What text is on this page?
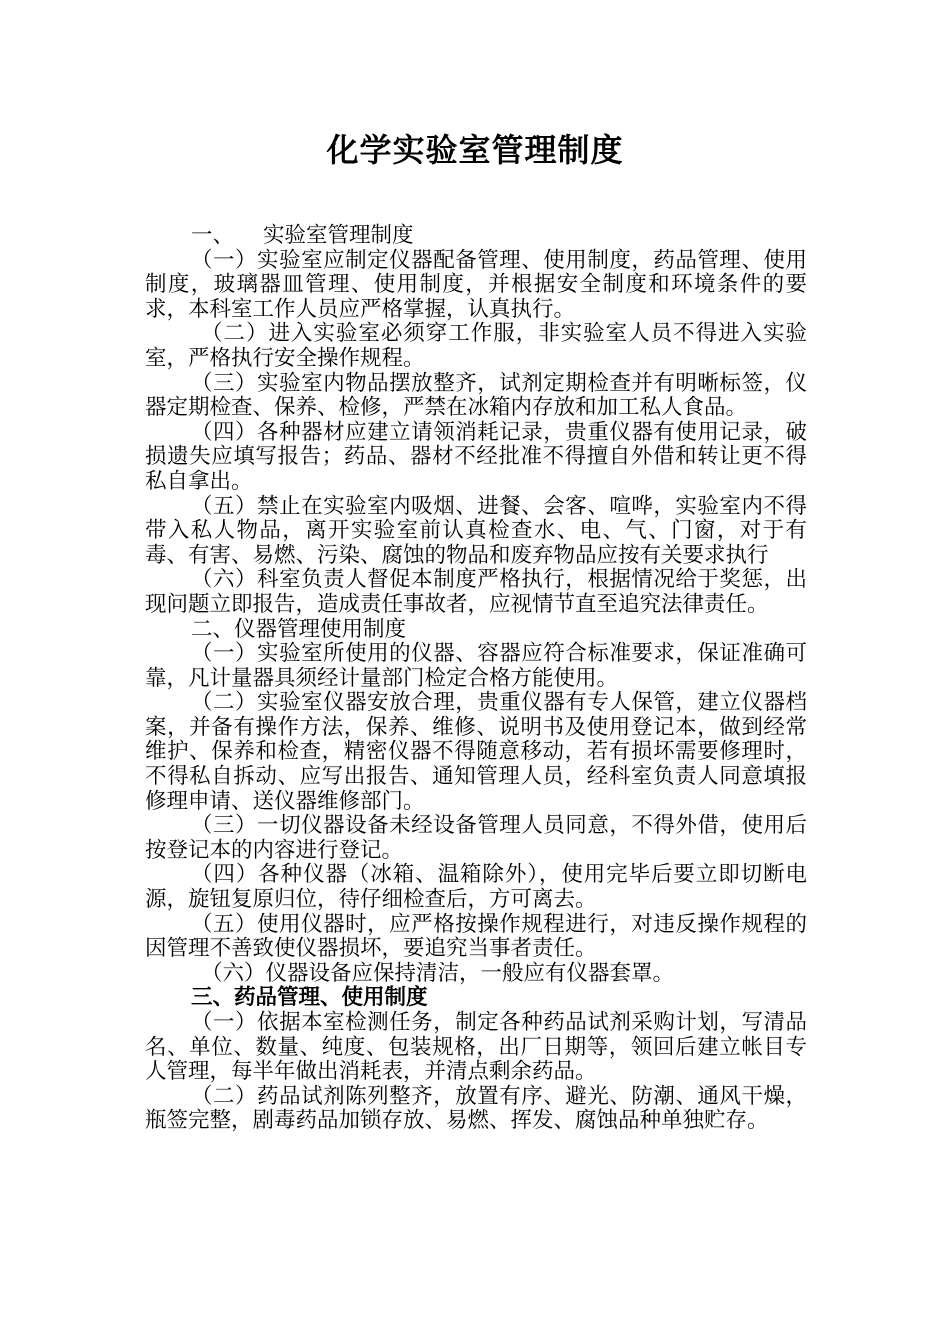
化学实验室管理制度
一、 实验室管理制度

（一）实验室应制定仪器配备管理、使用制度，药品管理、使用制度，玻璃器皿管理、使用制度，并根据安全制度和环境条件的要求，本科室工作人员应严格掌握，认真执行。

（二）进入实验室必须穿工作服，非实验室人员不得进入实验室，严格执行安全操作规程。

（三）实验室内物品摆放整齐，试剂定期检查并有明晰标签，仪器定期检查、保养、检修，严禁在冰箱内存放和加工私人食品。

（四）各种器材应建立请领消耗记录，贵重仪器有使用记录，破损遗失应填写报告；药品、器材不经批准不得擅自外借和转让更不得私自拿出。

（五）禁止在实验室内吸烟、进餐、会客、喧哗，实验室内不得带入私人物品，离开实验室前认真检查水、电、气、门窗，对于有毒、有害、易燃、污染、腐蚀的物品和废弃物品应按有关要求执行

（六）科室负责人督促本制度严格执行，根据情况给于奖惩，出现问题立即报告，造成责任事故者，应视情节直至追究法律责任。

二、仪器管理使用制度

（一）实验室所使用的仪器、容器应符合标准要求，保证准确可靠，凡计量器具须经计量部门检定合格方能使用。

（二）实验室仪器安放合理，贵重仪器有专人保管，建立仪器档案，并备有操作方法，保养、维修、说明书及使用登记本，做到经常维护、保养和检查，精密仪器不得随意移动，若有损坏需要修理时，不得私自拆动、应写出报告、通知管理人员，经科室负责人同意填报修理申请、送仪器维修部门。

（三）一切仪器设备未经设备管理人员同意，不得外借，使用后按登记本的内容进行登记。

（四）各种仪器（冰箱、温箱除外），使用完毕后要立即切断电源，旋钮复原归位，待仔细检查后，方可离去。

（五）使用仪器时，应严格按操作规程进行，对违反操作规程的因管理不善致使仪器损坏，要追究当事者责任。

（六）仪器设备应保持清洁，一般应有仪器套罩。

三、药品管理、使用制度

（一）依据本室检测任务，制定各种药品试剂采购计划，写清品名、单位、数量、纯度、包装规格，出厂日期等，领回后建立帐目专人管理，每半年做出消耗表，并清点剩余药品。

（二）药品试剂陈列整齐，放置有序、避光、防潮、通风干燥，瓶签完整，剧毒药品加锁存放、易燃、挥发、腐蚀品种单独贮存。
